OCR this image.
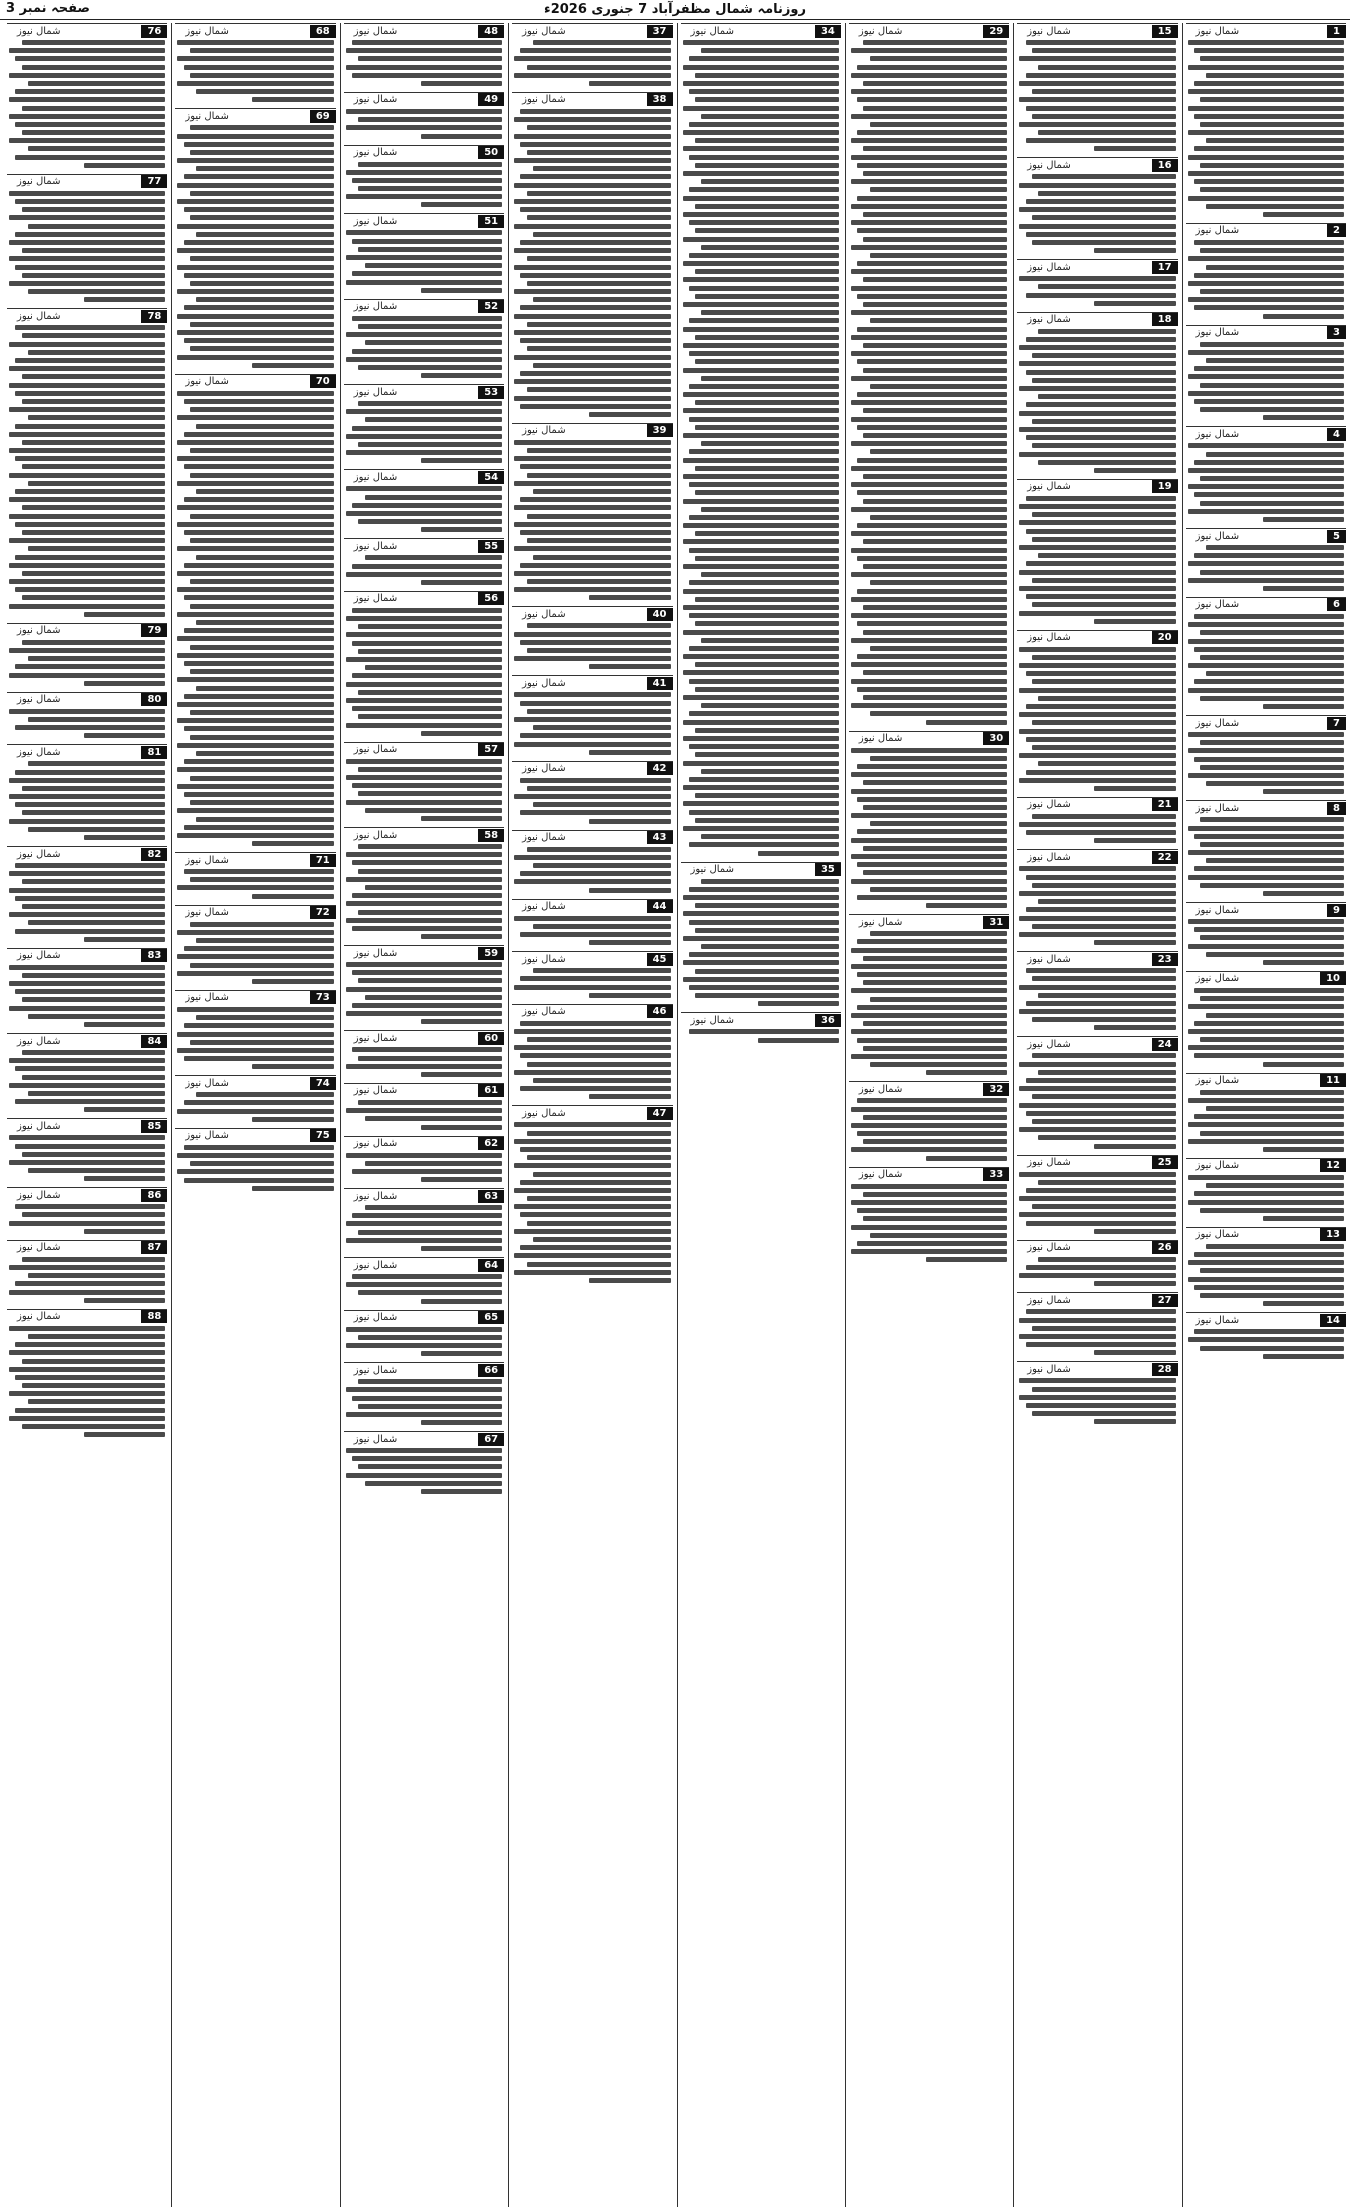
روزنامہ شمال مظفرآباد 7 جنوری 2026ء
صفحہ نمبر 3
1
شمال نیوز
2
شمال نیوز
3
شمال نیوز
4
شمال نیوز
5
شمال نیوز
6
شمال نیوز
7
شمال نیوز
8
شمال نیوز
9
شمال نیوز
10
شمال نیوز
11
شمال نیوز
12
شمال نیوز
13
شمال نیوز
14
شمال نیوز
15
شمال نیوز
16
شمال نیوز
17
شمال نیوز
18
شمال نیوز
19
شمال نیوز
20
شمال نیوز
21
شمال نیوز
22
شمال نیوز
23
شمال نیوز
24
شمال نیوز
25
شمال نیوز
26
شمال نیوز
27
شمال نیوز
28
شمال نیوز
29
شمال نیوز
30
شمال نیوز
31
شمال نیوز
32
شمال نیوز
33
شمال نیوز
34
شمال نیوز
35
شمال نیوز
36
شمال نیوز
37
شمال نیوز
38
شمال نیوز
39
شمال نیوز
40
شمال نیوز
41
شمال نیوز
42
شمال نیوز
43
شمال نیوز
44
شمال نیوز
45
شمال نیوز
46
شمال نیوز
47
شمال نیوز
48
شمال نیوز
49
شمال نیوز
50
شمال نیوز
51
شمال نیوز
52
شمال نیوز
53
شمال نیوز
54
شمال نیوز
55
شمال نیوز
56
شمال نیوز
57
شمال نیوز
58
شمال نیوز
59
شمال نیوز
60
شمال نیوز
61
شمال نیوز
62
شمال نیوز
63
شمال نیوز
64
شمال نیوز
65
شمال نیوز
66
شمال نیوز
67
شمال نیوز
68
شمال نیوز
69
شمال نیوز
70
شمال نیوز
71
شمال نیوز
72
شمال نیوز
73
شمال نیوز
74
شمال نیوز
75
شمال نیوز
76
شمال نیوز
77
شمال نیوز
78
شمال نیوز
79
شمال نیوز
80
شمال نیوز
81
شمال نیوز
82
شمال نیوز
83
شمال نیوز
84
شمال نیوز
85
شمال نیوز
86
شمال نیوز
87
شمال نیوز
88
شمال نیوز
